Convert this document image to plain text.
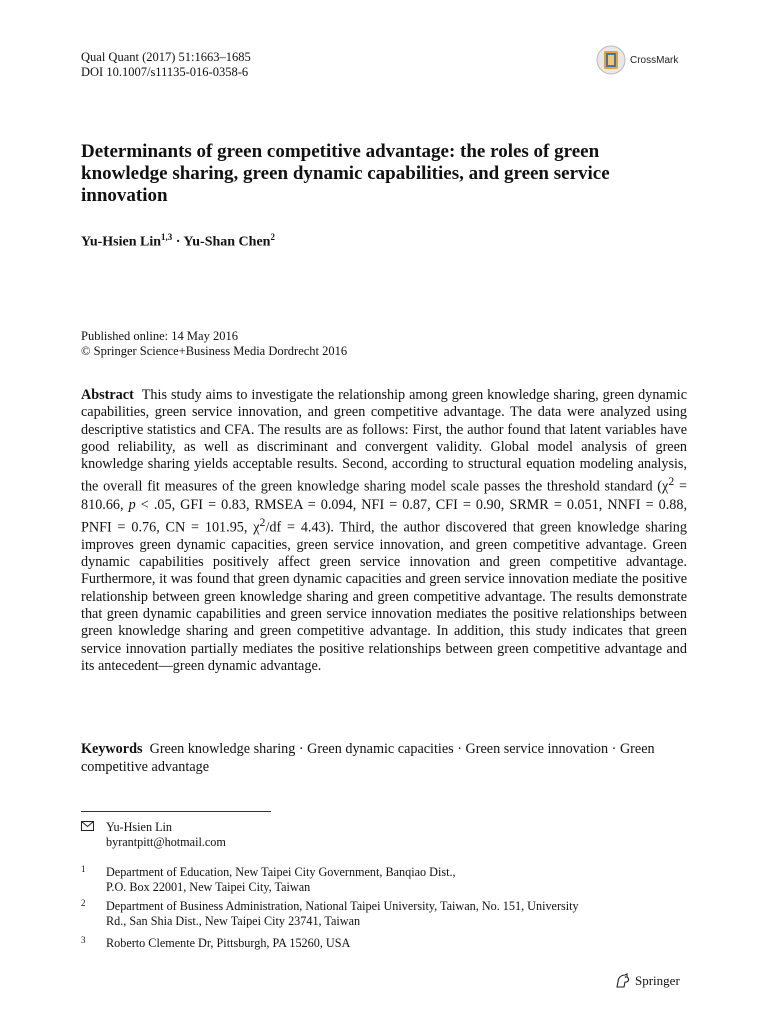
Qual Quant (2017) 51:1663–1685
DOI 10.1007/s11135-016-0358-6
CrossMark
Determinants of green competitive advantage: the roles of green knowledge sharing, green dynamic capabilities, and green service innovation
Yu-Hsien Lin$^{1,3}$ · Yu-Shan Chen$^2$
Published online: 14 May 2016
© Springer Science+Business Media Dordrecht 2016

Abstract This study aims to investigate the relationship among green knowledge sharing, green dynamic capabilities, green service innovation, and green competitive advantage. The data were analyzed using descriptive statistics and CFA. The results are as follows: First, the author found that latent variables have good reliability, as well as discriminant and convergent validity. Global model analysis of green knowledge sharing yields acceptable results. Second, according to structural equation modeling analysis, the overall fit measures of the green knowledge sharing model scale passes the threshold standard ($\chi^2 = 810.66$, p < .05, GFI = 0.83, RMSEA = 0.094, NFI = 0.87, CFI = 0.90, SRMR = 0.051, NNFI = 0.88, PNFI = 0.76, CN = 101.95, $\chi^2/df = 4.43$). Third, the author discovered that green knowledge sharing improves green dynamic capacities, green service innovation, and green competitive advantage. Green dynamic capabilities positively affect green service innovation and green competitive advantage. Furthermore, it was found that green dynamic capacities and green service innovation mediate the positive relationship between green knowledge sharing and green competitive advantage. The results demonstrate that green dynamic capabilities and green service innovation mediates the positive relationships between green knowledge sharing and green competitive advantage. In addition, this study indicates that green service innovation partially mediates the positive relationships between green competitive advantage and its antecedent—green dynamic advantage.

Keywords Green knowledge sharing · Green dynamic capacities · Green service innovation · Green competitive advantage

Yu-Hsien Lin
byrantpitt@hotmail.com
1 Department of Education, New Taipei City Government, Banqiao Dist.,
P.O. Box 22001, New Taipei City, Taiwan
2 Department of Business Administration, National Taipei University, Taiwan, No. 151, University
Rd., San Shia Dist., New Taipei City 23741, Taiwan
3 Roberto Clemente Dr, Pittsburgh, PA 15260, USA
Springer
